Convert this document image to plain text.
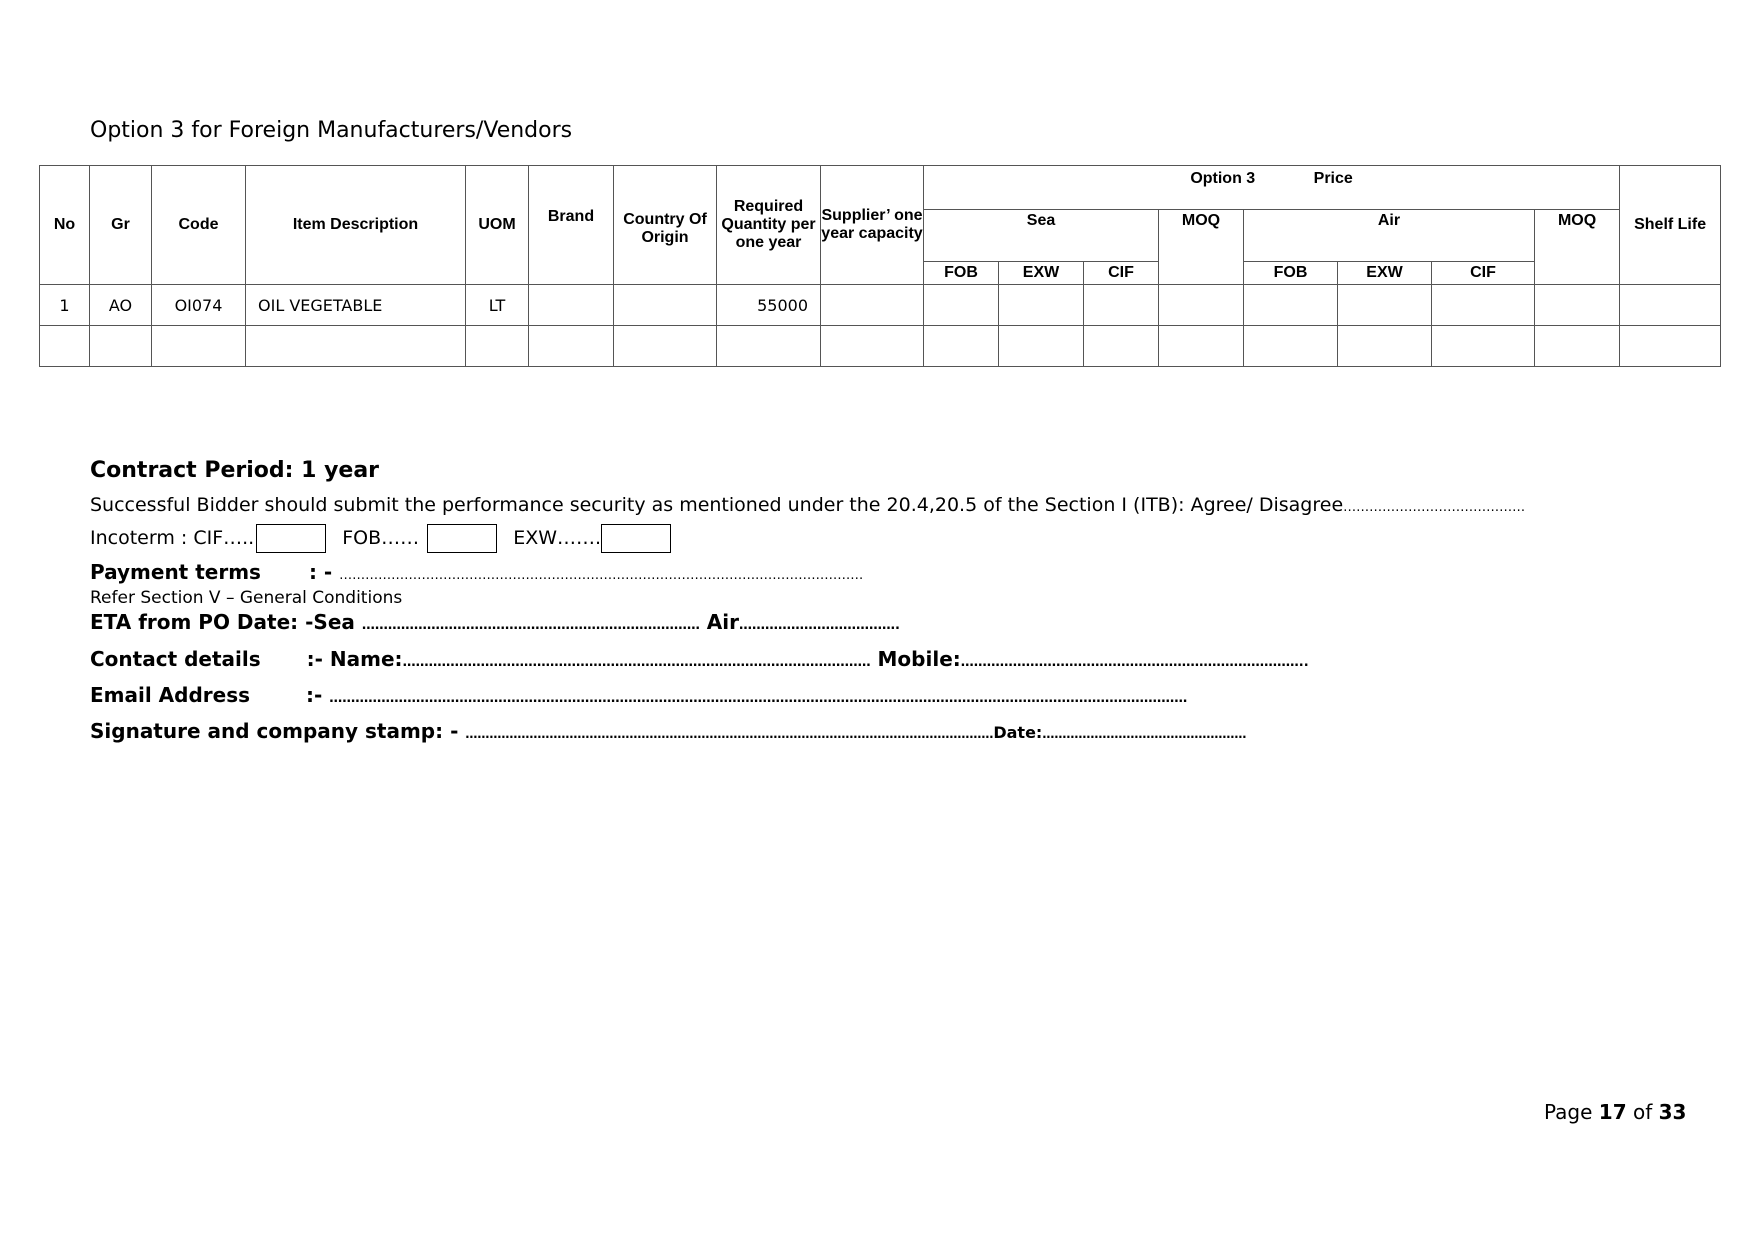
Option 3 for Foreign Manufacturers/Vendors
No	Gr	Code	Item Description	UOM	Brand	Country Of Origin	Required Quantity per one year	Supplier’ one year capacity	Option 3 Price								Shelf Life
									Sea			MOQ	Air			MOQ	
									FOB	EXW	CIF		FOB	EXW	CIF		
1	AO	OI074	OIL VEGETABLE	LT			55000										

Contract Period: 1 year
Successful Bidder should submit the performance security as mentioned under the 20.4,20.5 of the Section I (ITB): Agree/ Disagree……………………………………
Incoterm : CIF…..	FOB……	EXW…….
Payment terms : - …………………………………………………………………………………….……………………
Refer Section V – General Conditions
ETA from PO Date: -Sea …………………………………………………………………… Air……………………………….
Contact details :- Name:……………………………………………………………………………………………… Mobile:……………………………………………………………………..
Email Address	:- ………………………………………………………………………………………………………………………………………………………………………………
Signature and company stamp: - ……………………………………………………………………………………………………………………Date:……………………………………………
Page 17 of 33
